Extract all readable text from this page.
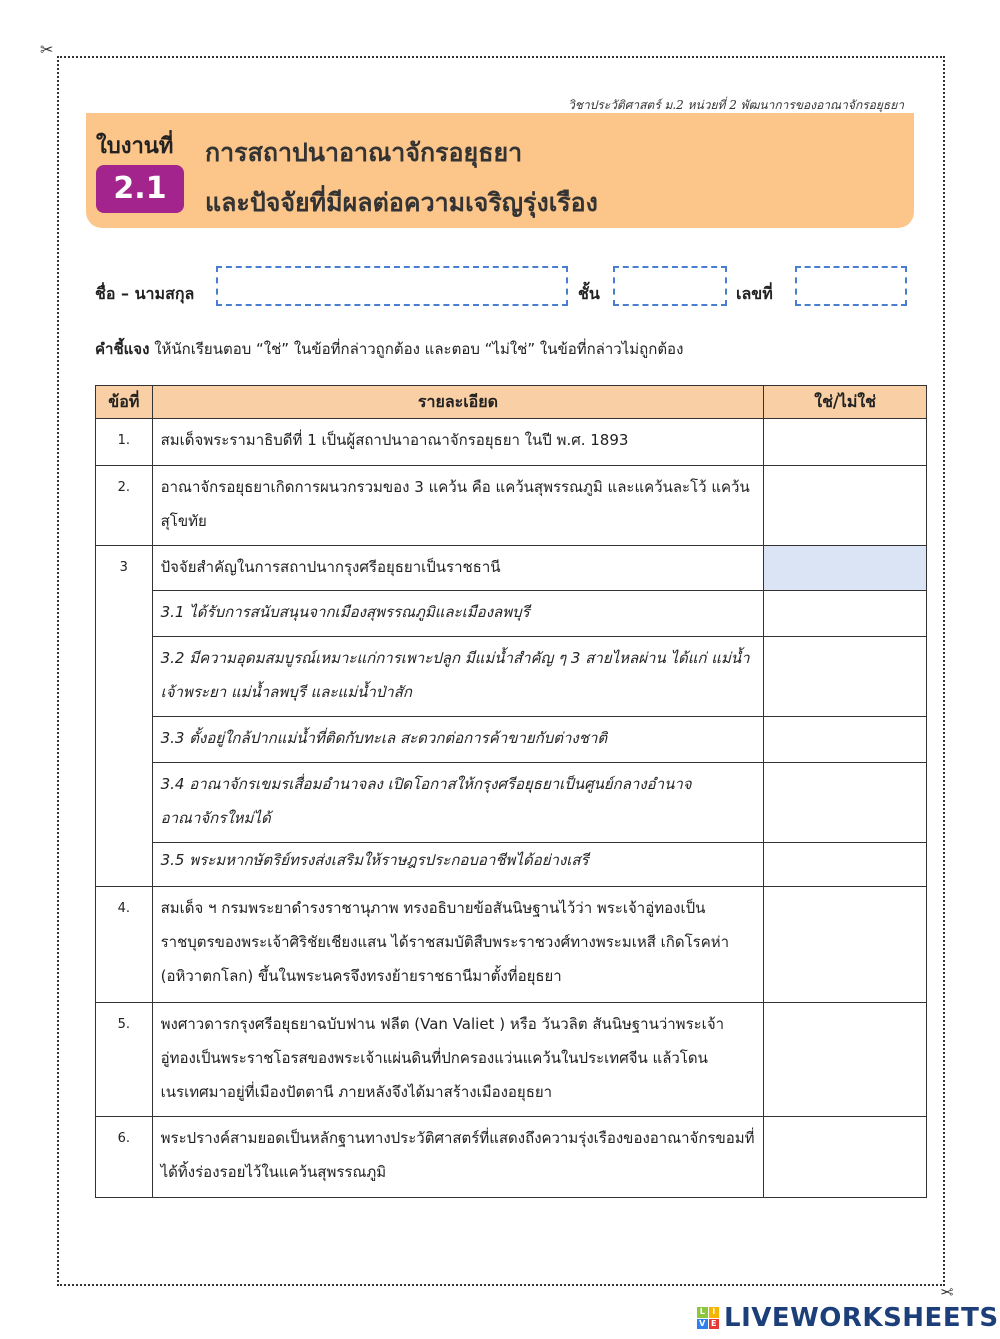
✂
✂
วิชาประวัติศาสตร์ ม.2 หน่วยที่ 2 พัฒนาการของอาณาจักรอยุธยา
ใบงานที่
2.1
การสถาปนาอาณาจักรอยุธยา
และปัจจัยที่มีผลต่อความเจริญรุ่งเรือง
ชื่อ – นามสกุล	ชั้น	เลขที่
คำชี้แจง ให้นักเรียนตอบ “ใช่” ในข้อที่กล่าวถูกต้อง และตอบ “ไม่ใช่” ในข้อที่กล่าวไม่ถูกต้อง
ข้อที่	รายละเอียด	ใช่/ไม่ใช่
1.	สมเด็จพระรามาธิบดีที่ 1 เป็นผู้สถาปนาอาณาจักรอยุธยา ในปี พ.ศ. 1893	
2.	อาณาจักรอยุธยาเกิดการผนวกรวมของ 3 แคว้น คือ แคว้นสุพรรณภูมิ และแคว้นละโว้ แคว้นสุโขทัย	
3	ปัจจัยสำคัญในการสถาปนากรุงศรีอยุธยาเป็นราชธานี	
	3.1 ได้รับการสนับสนุนจากเมืองสุพรรณภูมิและเมืองลพบุรี	
	3.2 มีความอุดมสมบูรณ์เหมาะแก่การเพาะปลูก มีแม่น้ำสำคัญ ๆ 3 สายไหลผ่าน ได้แก่ แม่น้ำเจ้าพระยา แม่น้ำลพบุรี และแม่น้ำป่าสัก	
	3.3 ตั้งอยู่ใกล้ปากแม่น้ำที่ติดกับทะเล สะดวกต่อการค้าขายกับต่างชาติ	
	3.4 อาณาจักรเขมรเสื่อมอำนาจลง เปิดโอกาสให้กรุงศรีอยุธยาเป็นศูนย์กลางอำนาจอาณาจักรใหม่ได้	
	3.5 พระมหากษัตริย์ทรงส่งเสริมให้ราษฎรประกอบอาชีพได้อย่างเสรี	
4.	สมเด็จ ฯ กรมพระยาดำรงราชานุภาพ ทรงอธิบายข้อสันนิษฐานไว้ว่า พระเจ้าอู่ทองเป็นราชบุตรของพระเจ้าศิริชัยเชียงแสน ได้ราชสมบัติสืบพระราชวงศ์ทางพระมเหสี เกิดโรคห่า (อหิวาตกโลก) ขึ้นในพระนครจึงทรงย้ายราชธานีมาตั้งที่อยุธยา	
5.	พงศาวดารกรุงศรีอยุธยาฉบับฟาน ฟลีต (Van Valiet ) หรือ วันวลิต สันนิษฐานว่าพระเจ้าอู่ทองเป็นพระราชโอรสของพระเจ้าแผ่นดินที่ปกครองแว่นแคว้นในประเทศจีน แล้วโดนเนรเทศมาอยู่ที่เมืองปัตตานี ภายหลังจึงได้มาสร้างเมืองอยุธยา	
6.	พระปรางค์สามยอดเป็นหลักฐานทางประวัติศาสตร์ที่แสดงถึงความรุ่งเรืองของอาณาจักรขอมที่ได้ทิ้งร่องรอยไว้ในแคว้นสุพรรณภูมิ	
L I
V E LIVEWORKSHEETS
